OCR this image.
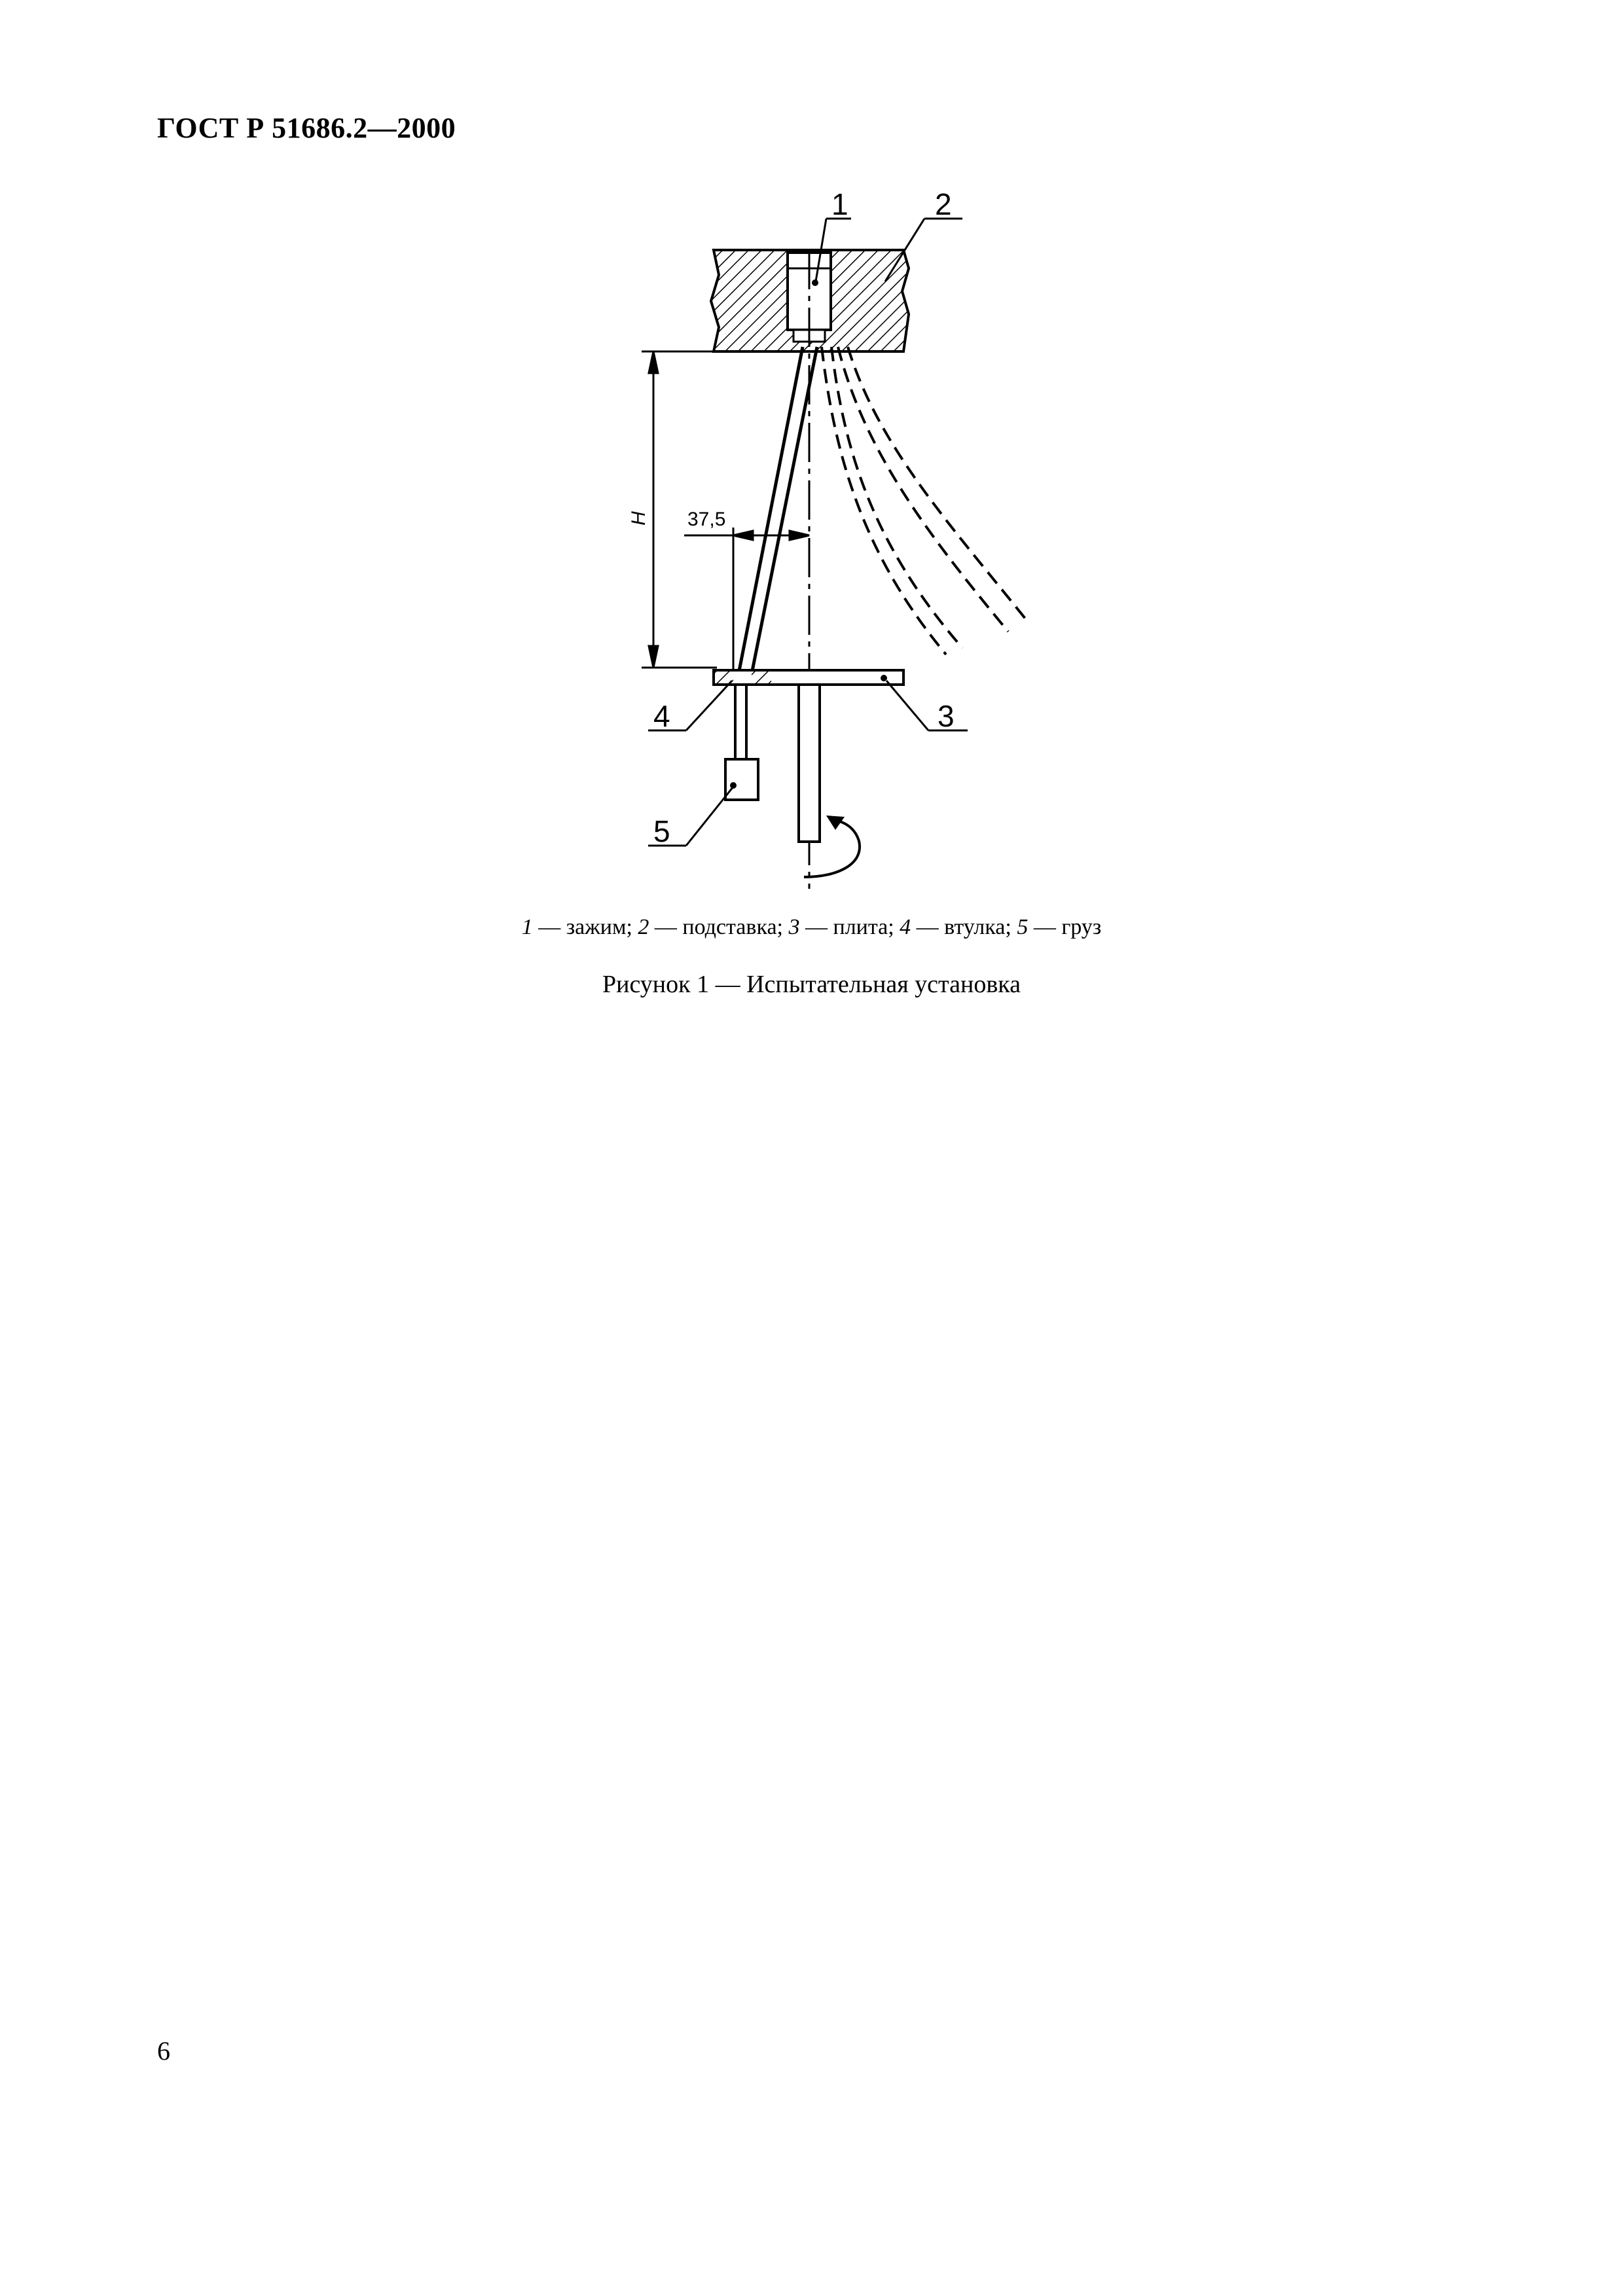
ГОСТ Р 51686.2—2000
H 37,5
1	2
3
4
5
1 — зажим; 2 — подставка; 3 — плита; 4 — втулка; 5 — груз
Рисунок 1 — Испытательная установка
6
